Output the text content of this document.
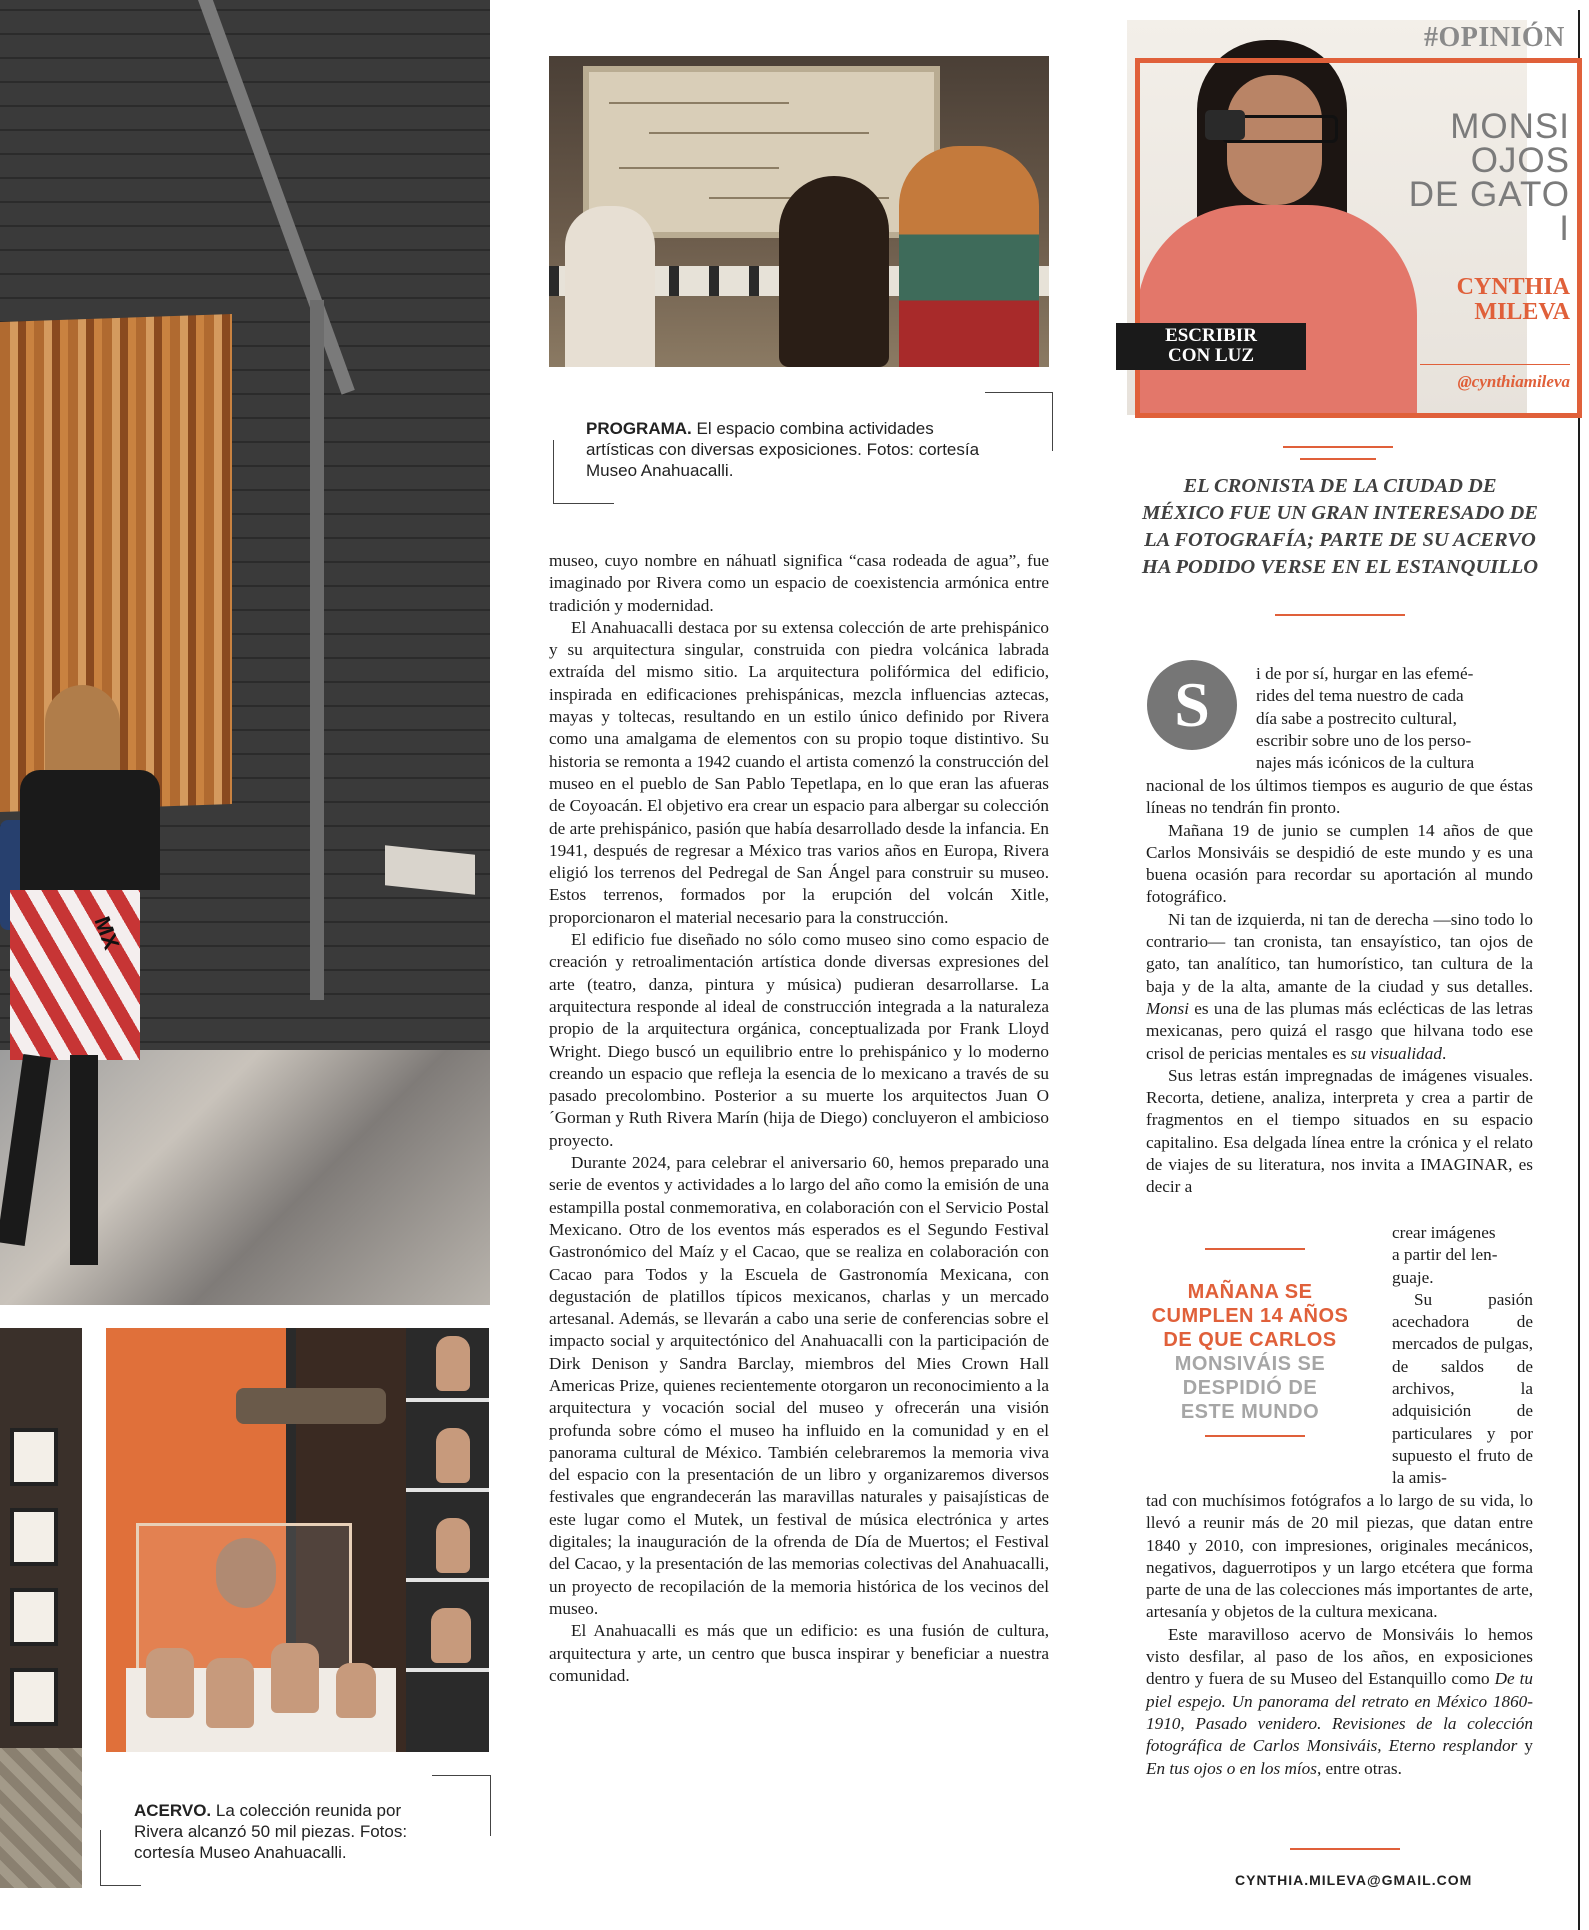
MX
PROGRAMA. El espacio combina actividades artísticas con diversas exposiciones. Fotos: cortesía Museo Anahuacalli.
ACERVO. La colección reunida por Rivera alcanzó 50 mil piezas. Fotos: cortesía Museo Anahuacalli.

museo, cuyo nombre en náhuatl significa “casa rodeada de agua”, fue imaginado por Rivera como un espacio de coexistencia armónica entre tradición y modernidad.

El Anahuacalli destaca por su extensa colección de arte prehispánico y su arquitectura singular, construida con piedra volcánica labrada extraída del mismo sitio. La arquitectura polifórmica del edificio, inspirada en edificaciones prehispánicas, mezcla influencias aztecas, mayas y toltecas, resultando en un estilo único definido por Rivera como una amalgama de elementos con su propio toque distintivo. Su historia se remonta a 1942 cuando el artista comenzó la construcción del museo en el pueblo de San Pablo Tepetlapa, en lo que eran las afueras de Coyoacán. El objetivo era crear un espacio para albergar su colección de arte prehispánico, pasión que había desarrollado desde la infancia. En 1941, después de regresar a México tras varios años en Europa, Rivera eligió los terrenos del Pedregal de San Ángel para construir su museo. Estos terrenos, formados por la erupción del volcán Xitle, proporcionaron el material necesario para la construcción.

El edificio fue diseñado no sólo como museo sino como espacio de creación y retroalimentación artística donde diversas expresiones del arte (teatro, danza, pintura y música) pudieran desarrollarse. La arquitectura responde al ideal de construcción integrada a la naturaleza propio de la arquitectura orgánica, conceptualizada por Frank Lloyd Wright. Diego buscó un equilibrio entre lo prehispánico y lo moderno creando un espacio que refleja la esencia de lo mexicano a través de su pasado precolombino. Posterior a su muerte los arquitectos Juan O´Gorman y Ruth Rivera Marín (hija de Diego) concluyeron el ambicioso proyecto.

Durante 2024, para celebrar el aniversario 60, hemos preparado una serie de eventos y actividades a lo largo del año como la emisión de una estampilla postal conmemorativa, en colaboración con el Servicio Postal Mexicano. Otro de los eventos más esperados es el Segundo Festival Gastronómico del Maíz y el Cacao, que se realiza en colaboración con Cacao para Todos y la Escuela de Gastronomía Mexicana, con degustación de platillos típicos mexicanos, charlas y un mercado artesanal. Además, se llevarán a cabo una serie de conferencias sobre el impacto social y arquitectónico del Anahuacalli con la participación de Dirk Denison y Sandra Barclay, miembros del Mies Crown Hall Americas Prize, quienes recientemente otorgaron un reconocimiento a la arquitectura y vocación social del museo y ofrecerán una visión profunda sobre cómo el museo ha influido en la comunidad y en el panorama cultural de México. También celebraremos la memoria viva del espacio con la presentación de un libro y organizaremos diversos festivales que engrandecerán las maravillas naturales y paisajísticas de este lugar como el Mutek, un festival de música electrónica y artes digitales; la inauguración de la ofrenda de Día de Muertos; el Festival del Cacao, y la presentación de las memorias colectivas del Anahuacalli, un proyecto de recopilación de la memoria histórica de los vecinos del museo.

El Anahuacalli es más que un edificio: es una fusión de cultura, arquitectura y arte, un centro que busca inspirar y beneficiar a nuestra comunidad.

#OPINIÓN
MONSI
OJOS
DE GATO I
CYNTHIA
MILEVA
@cynthiamileva
ESCRIBIR
CON LUZ
EL CRONISTA DE LA CIUDAD DE MÉXICO FUE UN GRAN INTERESADO DE LA FOTOGRAFÍA; PARTE DE SU ACERVO HA PODIDO VERSE EN EL ESTANQUILLO
S	i de por sí, hurgar en las efemé-
rides del tema nuestro de cada
día sabe a postrecito cultural,
escribir sobre uno de los perso-
najes más icónicos de la cultura

nacional de los últimos tiempos es augurio de que éstas líneas no tendrán fin pronto.

Mañana 19 de junio se cumplen 14 años de que Carlos Monsiváis se despidió de este mundo y es una buena ocasión para recordar su aportación al mundo fotográfico.

Ni tan de izquierda, ni tan de derecha —sino todo lo contrario— tan cronista, tan ensayístico, tan ojos de gato, tan analítico, tan humorístico, tan cultura de la baja y de la alta, amante de la ciudad y sus detalles. Monsi es una de las plumas más eclécticas de las letras mexicanas, pero quizá el rasgo que hilvana todo ese crisol de pericias mentales es su visualidad.

Sus letras están impregnadas de imágenes visuales. Recorta, detiene, analiza, interpreta y crea a partir de fragmentos en el tiempo situados en su espacio capitalino. Esa delgada línea entre la crónica y el relato de viajes de su literatura, nos invita a IMAGINAR, es decir a

MAÑANA SE
CUMPLEN 14 AÑOS
DE QUE CARLOS
MONSIVÁIS SE
DESPIDIÓ DE
ESTE MUNDO
crear imágenes
a partir del len-
guaje.

Su pasión acechadora de mercados de pulgas, de saldos de archivos, la adquisición de particulares y por supuesto el fruto de la amis-

tad con muchísimos fotógrafos a lo largo de su vida, lo llevó a reunir más de 20 mil piezas, que datan entre 1840 y 2010, con impresiones, originales mecánicos, negativos, daguerrotipos y un largo etcétera que forma parte de una de las colecciones más importantes de arte, artesanía y objetos de la cultura mexicana.

Este maravilloso acervo de Monsiváis lo hemos visto desfilar, al paso de los años, en exposiciones dentro y fuera de su Museo del Estanquillo como De tu piel espejo. Un panorama del retrato en México 1860-1910, Pasado venidero. Revisiones de la colección fotográfica de Carlos Monsiváis, Eterno resplandor y En tus ojos o en los míos, entre otras.

CYNTHIA.MILEVA@GMAIL.COM
